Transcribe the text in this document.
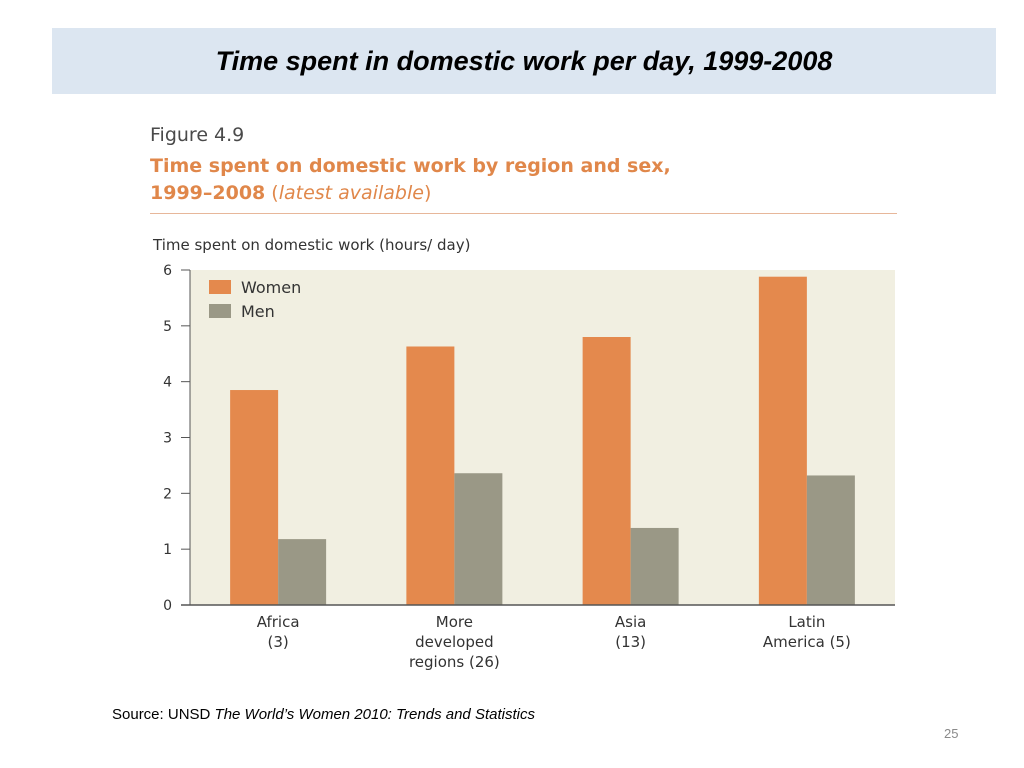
Time spent in domestic work per day, 1999-2008
Figure 4.9
Time spent on domestic work by region and sex,
1999–2008 (latest available)
Time spent on domestic work (hours/ day)
0
1
2
3
4
5
6
Africa
(3)
More
developed
regions (26)
Asia
(13)
Latin
America (5)
Women
Men
Source: UNSD The World’s Women 2010: Trends and Statistics
25
